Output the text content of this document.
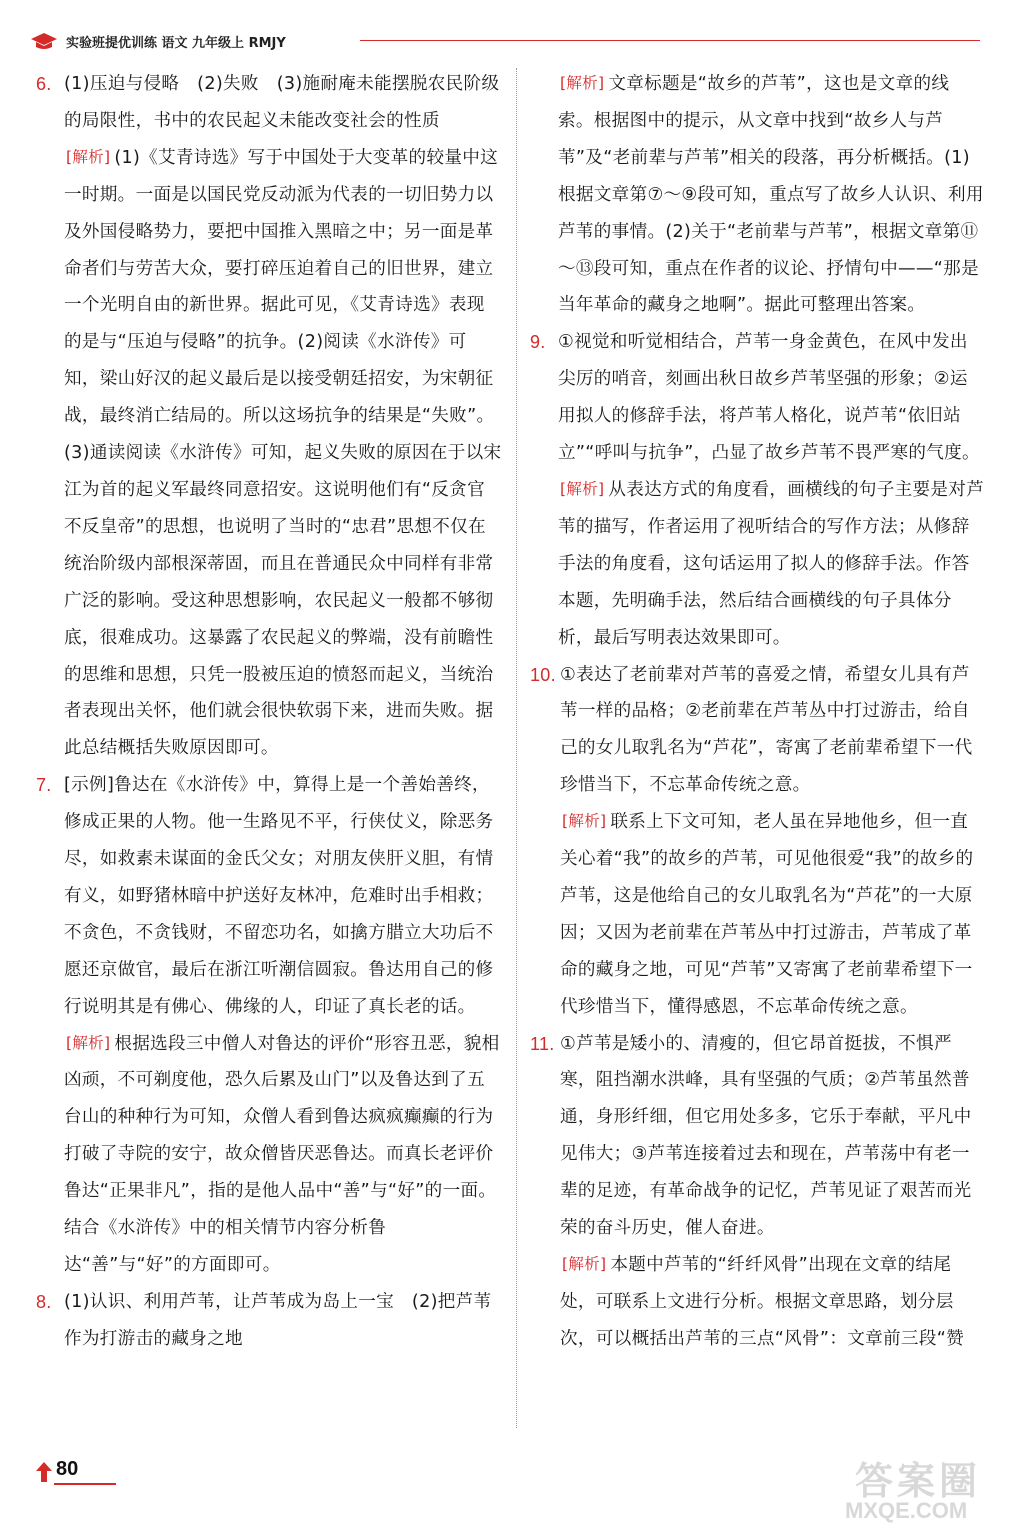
实验班提优训练 语文 九年级上 RMJY
6. (1)压迫与侵略　(2)失败　(3)施耐庵未能摆脱农民阶级的局限性，书中的农民起义未能改变社会的性质

[ 解析 ] (1)《艾青诗选》写于中国处于大变革的较量中这一时期。一面是以国民党反动派为代表的一切旧势力以及外国侵略势力，要把中国推入黑暗之中；另一面是革命者们与劳苦大众，要打碎压迫着自己的旧世界，建立一个光明自由的新世界。据此可见，《艾青诗选》表现的是与“压迫与侵略”的抗争。(2)阅读《水浒传》可知，梁山好汉的起义最后是以接受朝廷招安，为宋朝征战，最终消亡结局的。所以这场抗争的结果是“失败”。(3)通读阅读《水浒传》可知，起义失败的原因在于以宋江为首的起义军最终同意招安。这说明他们有“反贪官不反皇帝”的思想，也说明了当时的“忠君”思想不仅在统治阶级内部根深蒂固，而且在普通民众中同样有非常广泛的影响。受这种思想影响，农民起义一般都不够彻底，很难成功。这暴露了农民起义的弊端，没有前瞻性的思维和思想，只凭一股被压迫的愤怒而起义，当统治者表现出关怀，他们就会很快软弱下来，进而失败。据此总结概括失败原因即可。

7. [示例]鲁达在《水浒传》中，算得上是一个善始善终，修成正果的人物。他一生路见不平，行侠仗义，除恶务尽，如救素未谋面的金氏父女；对朋友侠肝义胆，有情有义，如野猪林暗中护送好友林冲，危难时出手相救；不贪色，不贪钱财，不留恋功名，如擒方腊立大功后不愿还京做官，最后在浙江听潮信圆寂。鲁达用自己的修行说明其是有佛心、佛缘的人，印证了真长老的话。

[ 解析 ] 根据选段三中僧人对鲁达的评价“形容丑恶，貌相凶顽，不可剃度他，恐久后累及山门”以及鲁达到了五台山的种种行为可知，众僧人看到鲁达疯疯癫癫的行为打破了寺院的安宁，故众僧皆厌恶鲁达。而真长老评价鲁达“正果非凡”，指的是他人品中“善”与“好”的一面。结合《水浒传》中的相关情节内容分析鲁达“善”与“好”的方面即可。

8. (1)认识、利用芦苇，让芦苇成为岛上一宝　(2)把芦苇作为打游击的藏身之地

[ 解析 ] 文章标题是“故乡的芦苇”，这也是文章的线索。根据图中的提示，从文章中找到“故乡人与芦苇”及“老前辈与芦苇”相关的段落，再分析概括。(1)根据文章第⑦～⑨段可知，重点写了故乡人认识、利用芦苇的事情。(2)关于“老前辈与芦苇”，根据文章第⑪～⑬段可知，重点在作者的议论、抒情句中——“那是当年革命的藏身之地啊”。据此可整理出答案。

9. ①视觉和听觉相结合，芦苇一身金黄色，在风中发出尖厉的哨音，刻画出秋日故乡芦苇坚强的形象；②运用拟人的修辞手法，将芦苇人格化，说芦苇“依旧站立”“呼叫与抗争”，凸显了故乡芦苇不畏严寒的气度。

[ 解析 ] 从表达方式的角度看，画横线的句子主要是对芦苇的描写，作者运用了视听结合的写作方法；从修辞手法的角度看，这句话运用了拟人的修辞手法。作答本题，先明确手法，然后结合画横线的句子具体分析，最后写明表达效果即可。

10. ①表达了老前辈对芦苇的喜爱之情，希望女儿具有芦苇一样的品格；②老前辈在芦苇丛中打过游击，给自己的女儿取乳名为“芦花”，寄寓了老前辈希望下一代珍惜当下，不忘革命传统之意。

[ 解析 ] 联系上下文可知，老人虽在异地他乡，但一直关心着“我”的故乡的芦苇，可见他很爱“我”的故乡的芦苇，这是他给自己的女儿取乳名为“芦花”的一大原因；又因为老前辈在芦苇丛中打过游击，芦苇成了革命的藏身之地，可见“芦苇”又寄寓了老前辈希望下一代珍惜当下，懂得感恩，不忘革命传统之意。

11. ①芦苇是矮小的、清瘦的，但它昂首挺拔，不惧严寒，阻挡潮水洪峰，具有坚强的气质；②芦苇虽然普通，身形纤细，但它用处多多，它乐于奉献，平凡中见伟大；③芦苇连接着过去和现在，芦苇荡中有老一辈的足迹，有革命战争的记忆，芦苇见证了艰苦而光荣的奋斗历史，催人奋进。

[ 解析 ] 本题中芦苇的“纤纤风骨”出现在文章的结尾处，可联系上文进行分析。根据文章思路，划分层次，可以概括出芦苇的三点“风骨”：文章前三段“赞

80	答案圈
MXQE.COM
